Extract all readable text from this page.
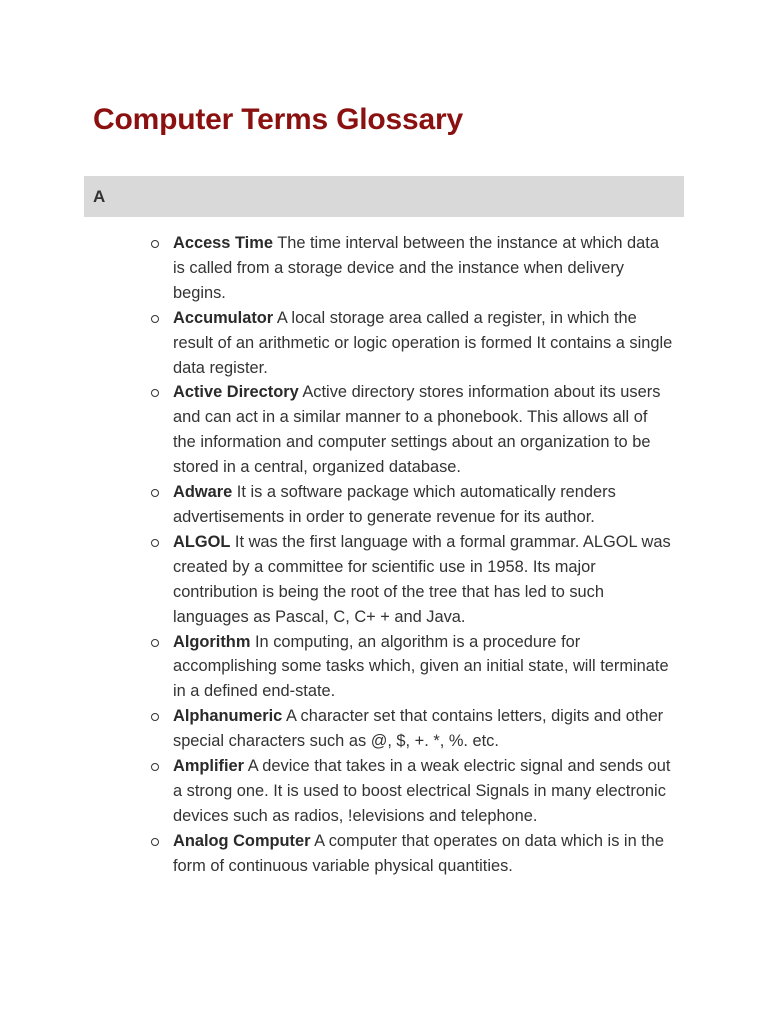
Computer Terms Glossary
A
Access Time The time interval between the instance at which data is called from a storage device and the instance when delivery begins.
Accumulator A local storage area called a register, in which the result of an arithmetic or logic operation is formed It contains a single data register.
Active Directory Active directory stores information about its users and can act in a similar manner to a phonebook. This allows all of the information and computer settings about an organization to be stored in a central, organized database.
Adware It is a software package which automatically renders advertisements in order to generate revenue for its author.
ALGOL It was the first language with a formal grammar. ALGOL was created by a committee for scientific use in 1958. Its major contribution is being the root of the tree that has led to such languages as Pascal, C, C+ + and Java.
Algorithm In computing, an algorithm is a procedure for accomplishing some tasks which, given an initial state, will terminate in a defined end-state.
Alphanumeric A character set that contains letters, digits and other special characters such as @, $, +. *, %. etc.
Amplifier A device that takes in a weak electric signal and sends out a strong one. It is used to boost electrical Signals in many electronic devices such as radios, !elevisions and telephone.
Analog Computer A computer that operates on data which is in the form of continuous variable physical quantities.
